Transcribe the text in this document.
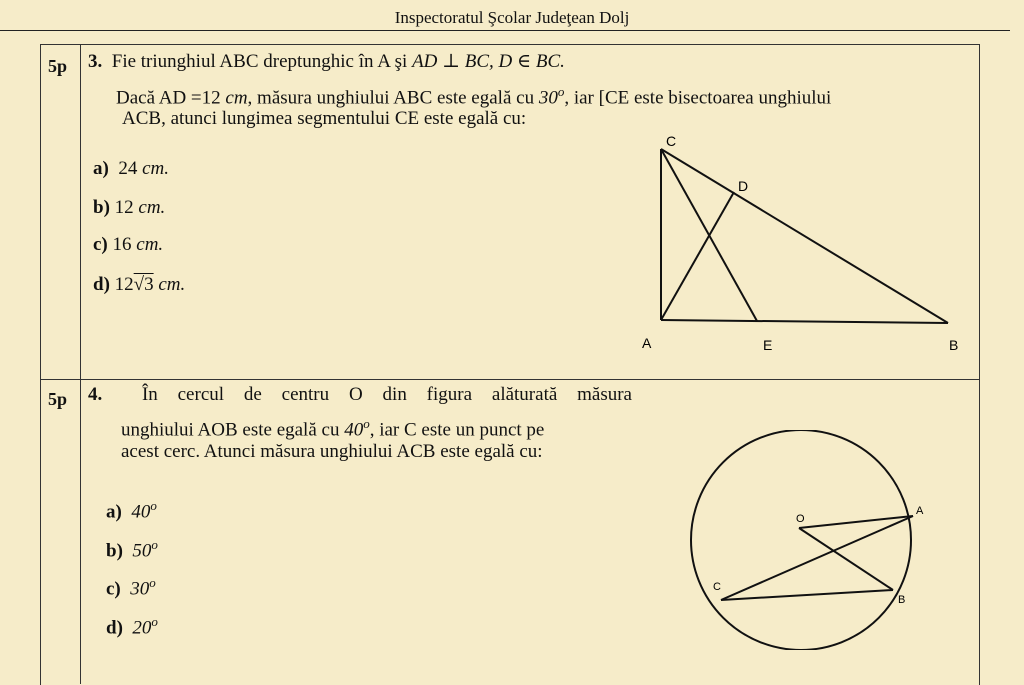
Inspectoratul Şcolar Judeţean Dolj
5p 3. Fie triunghiul ABC dreptunghic în A şi AD ⊥ BC, D ∈ BC.
Dacă AD =12 cm, măsura unghiului ABC este egală cu 30$^o$, iar [CE este bisectoarea unghiului
ACB, atunci lungimea segmentului CE este egală cu:
a) 24 cm.
b) 12 cm.
c) 16 cm.
d) 12√3 cm.
C
D
A	E	B
5p 4. În cercul de centru O din figura alăturată măsura
unghiului AOB este egală cu 40$^o$, iar C este un punct pe
acest cerc. Atunci măsura unghiului ACB este egală cu:
a) 40$^o$
b) 50$^o$
c) 30$^o$
d) 20$^o$
O
A
B
C
